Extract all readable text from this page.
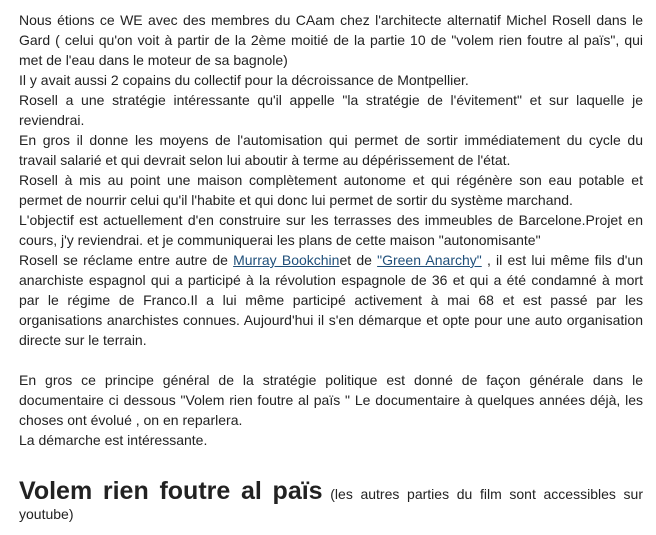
Nous étions ce WE avec des membres du CAam chez l'architecte alternatif Michel Rosell dans le Gard ( celui qu'on voit à partir de la 2ème moitié de la partie 10 de "volem rien foutre al païs", qui met de l'eau dans le moteur de sa bagnole)

Il y avait aussi 2 copains du collectif pour la décroissance de Montpellier.

Rosell a une stratégie intéressante qu'il appelle "la stratégie de l'évitement" et sur laquelle je reviendrai.

En gros il donne les moyens de l'automisation qui permet de sortir immédiatement du cycle du travail salarié et qui devrait selon lui aboutir à terme au dépérissement de l'état.

Rosell à mis au point une maison complètement autonome et qui régénère son eau potable et permet de nourrir celui qu'il l'habite et qui donc lui permet de sortir du système marchand.

L'objectif est actuellement d'en construire sur les terrasses des immeubles de Barcelone.Projet en cours, j'y reviendrai. et je communiquerai les plans de cette maison "autonomisante"

Rosell se réclame entre autre de Murray Bookchinet de "Green Anarchy" , il est lui même fils d'un anarchiste espagnol qui a participé à la révolution espagnole de 36 et qui a été condamné à mort par le régime de Franco.Il a lui même participé activement à mai 68 et est passé par les organisations anarchistes connues. Aujourd'hui il s'en démarque et opte pour une auto organisation directe sur le terrain.

En gros ce principe général de la stratégie politique est donné de façon générale dans le documentaire ci dessous "Volem rien foutre al païs " Le documentaire à quelques années déjà, les choses ont évolué , on en reparlera.

La démarche est intéressante.

Volem rien foutre al païs (les autres parties du film sont accessibles sur youtube)
